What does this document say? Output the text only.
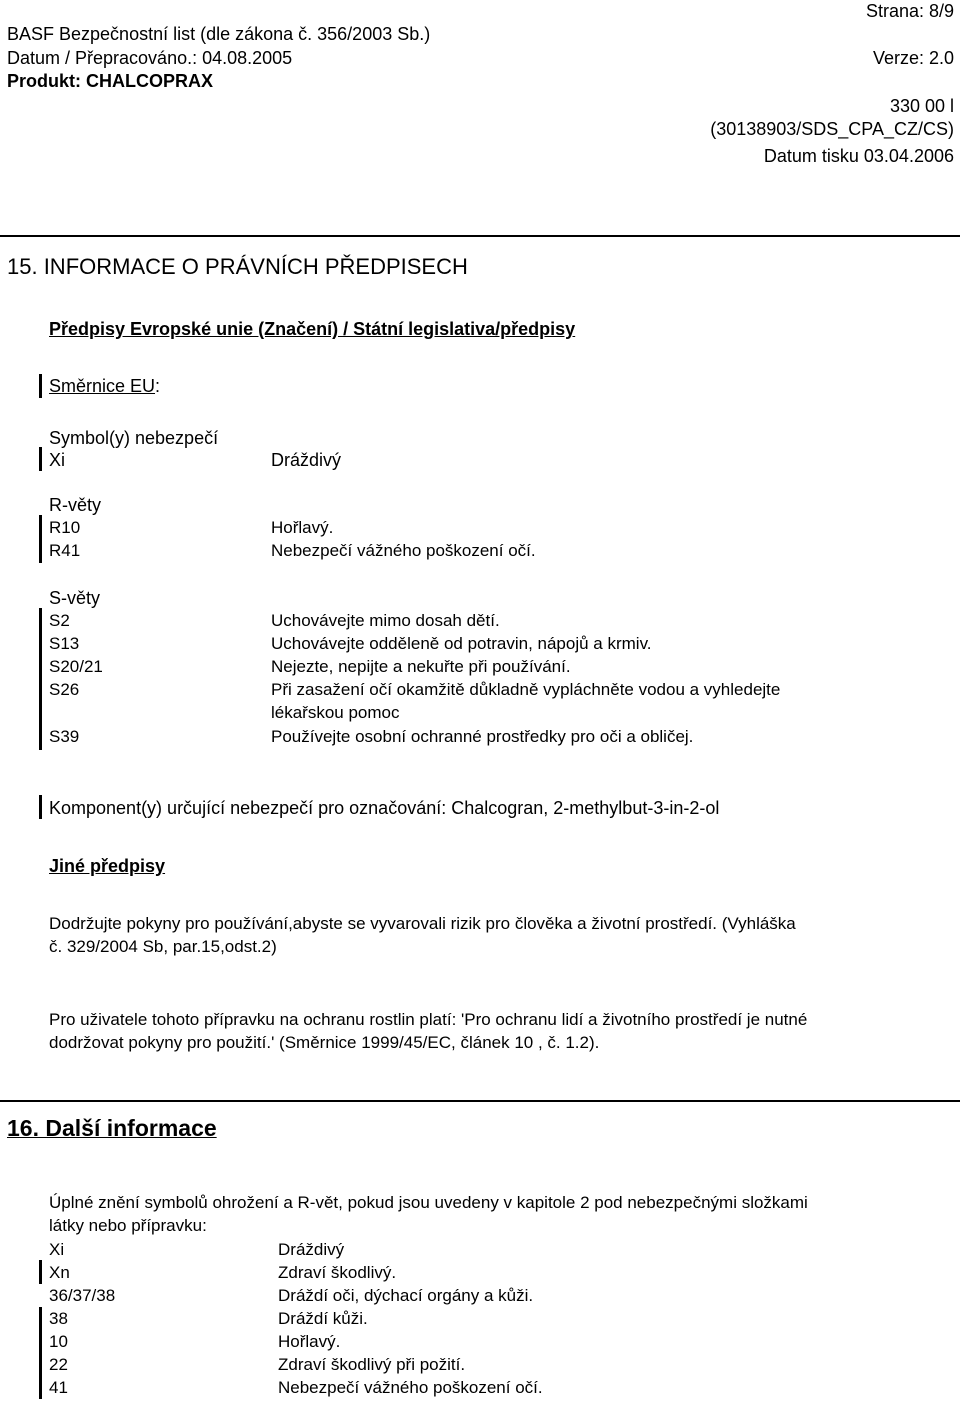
Strana: 8/9
BASF Bezpečnostní list (dle zákona č. 356/2003 Sb.)
Datum / Přepracováno.: 04.08.2005	Verze: 2.0
Produkt: CHALCOPRAX
330 00 l
(30138903/SDS_CPA_CZ/CS)
Datum tisku 03.04.2006
15. INFORMACE O PRÁVNÍCH PŘEDPISECH
Předpisy Evropské unie (Značení) / Státní legislativa/předpisy
Směrnice EU:
Symbol(y) nebezpečí
Xi	Dráždivý
R-věty
R10	Hořlavý.
R41	Nebezpečí vážného poškození očí.
S-věty
S2	Uchovávejte mimo dosah dětí.
S13	Uchovávejte odděleně od potravin, nápojů a krmiv.
S20/21	Nejezte, nepijte a nekuřte při používání.
S26	Při zasažení očí okamžitě důkladně vypláchněte vodou a vyhledejte
lékařskou pomoc
S39	Používejte osobní ochranné prostředky pro oči a obličej.
Komponent(y) určující nebezpečí pro označování: Chalcogran, 2-methylbut-3-in-2-ol
Jiné předpisy
Dodržujte pokyny pro používání,abyste se vyvarovali rizik pro člověka a životní prostředí. (Vyhláška
č. 329/2004 Sb, par.15,odst.2)
Pro uživatele tohoto přípravku na ochranu rostlin platí: 'Pro ochranu lidí a životního prostředí je nutné
dodržovat pokyny pro použití.' (Směrnice 1999/45/EC, článek 10 , č. 1.2).
16. Další informace
Úplné znění symbolů ohrožení a R-vět, pokud jsou uvedeny v kapitole 2 pod nebezpečnými složkami
látky nebo přípravku:
Xi	Dráždivý
Xn	Zdraví škodlivý.
36/37/38	Dráždí oči, dýchací orgány a kůži.
38	Dráždí kůži.
10	Hořlavý.
22	Zdraví škodlivý při požití.
41	Nebezpečí vážného poškození očí.
